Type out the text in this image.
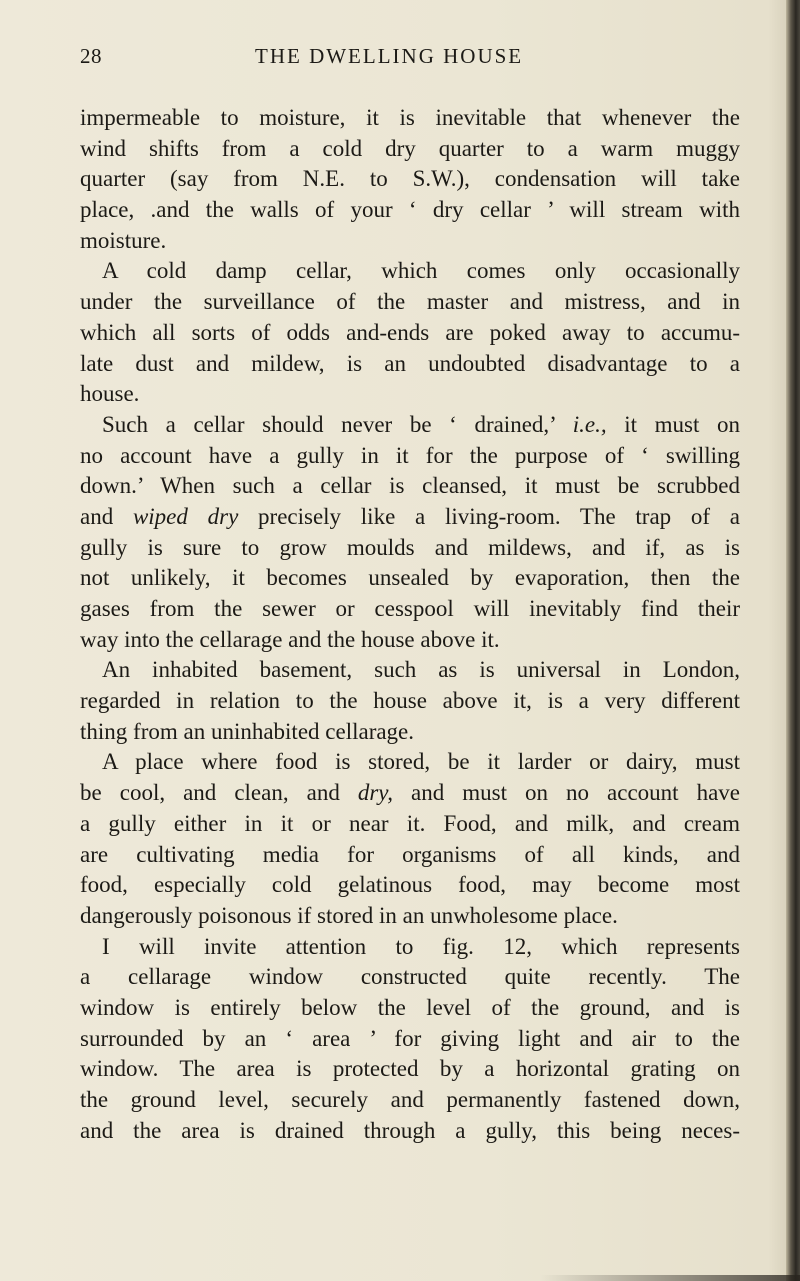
28	THE DWELLING HOUSE
impermeable to moisture, it is inevitable that whenever the
wind shifts from a cold dry quarter to a warm muggy
quarter (say from N.E. to S.W.), condensation will take
place, .and the walls of your ‘ dry cellar ’ will stream with
moisture.
A cold damp cellar, which comes only occasionally
under the surveillance of the master and mistress, and in
which all sorts of odds and-ends are poked away to accumu-
late dust and mildew, is an undoubted disadvantage to a
house.
Such a cellar should never be ‘ drained,’ i.e., it must on
no account have a gully in it for the purpose of ‘ swilling
down.’ When such a cellar is cleansed, it must be scrubbed
and wiped dry precisely like a living-room. The trap of a
gully is sure to grow moulds and mildews, and if, as is
not unlikely, it becomes unsealed by evaporation, then the
gases from the sewer or cesspool will inevitably find their
way into the cellarage and the house above it.
An inhabited basement, such as is universal in London,
regarded in relation to the house above it, is a very different
thing from an uninhabited cellarage.
A place where food is stored, be it larder or dairy, must
be cool, and clean, and dry, and must on no account have
a gully either in it or near it. Food, and milk, and cream
are cultivating media for organisms of all kinds, and
food, especially cold gelatinous food, may become most
dangerously poisonous if stored in an unwholesome place.
I will invite attention to fig. 12, which represents
a cellarage window constructed quite recently. The
window is entirely below the level of the ground, and is
surrounded by an ‘ area ’ for giving light and air to the
window. The area is protected by a horizontal grating on
the ground level, securely and permanently fastened down,
and the area is drained through a gully, this being neces-
